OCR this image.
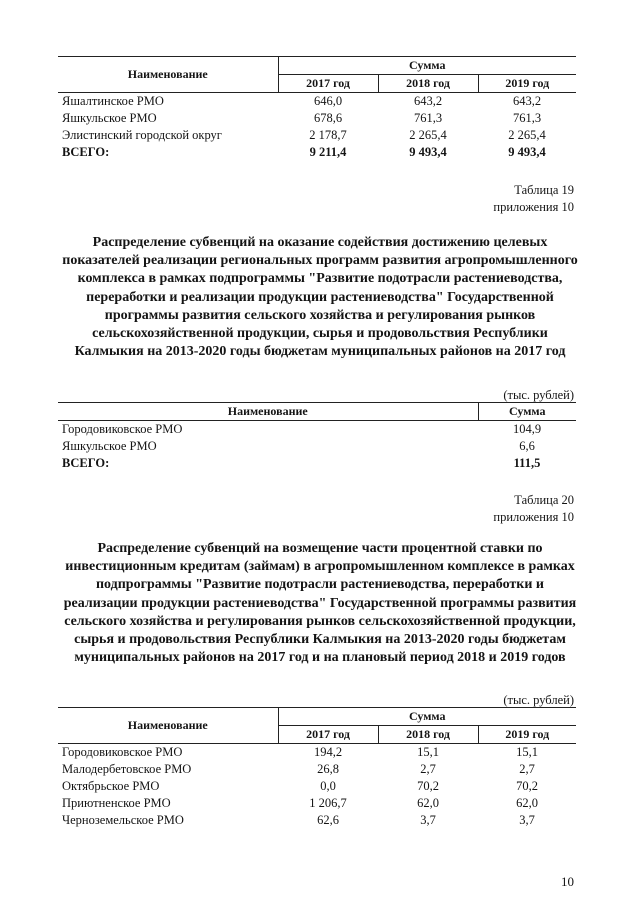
Наименование	Сумма		
	2017 год	2018 год	2019 год
Яшалтинское РМО	646,0	643,2	643,2
Яшкульское РМО	678,6	761,3	761,3
Элистинский городской округ	2 178,7	2 265,4	2 265,4
ВСЕГО:	9 211,4	9 493,4	9 493,4
Таблица 19
приложения 10
Распределение субвенций на оказание содействия достижению целевых показателей реализации региональных программ развития агропромышленного комплекса в рамках подпрограммы "Развитие подотрасли растениеводства, переработки и реализации продукции растениеводства" Государственной программы развития сельского хозяйства и регулирования рынков сельскохозяйственной продукции, сырья и продовольствия Республики Калмыкия на 2013-2020 годы бюджетам муниципальных районов на 2017 год
(тыс. рублей)
Наименование	Сумма
Городовиковское РМО	104,9
Яшкульское РМО	6,6
ВСЕГО:	111,5
Таблица 20
приложения 10
Распределение субвенций на возмещение части процентной ставки по инвестиционным кредитам (займам) в агропромышленном комплексе в рамках подпрограммы "Развитие подотрасли растениеводства, переработки и реализации продукции растениеводства" Государственной программы развития сельского хозяйства и регулирования рынков сельскохозяйственной продукции, сырья и продовольствия Республики Калмыкия на 2013-2020 годы бюджетам муниципальных районов на 2017 год и на плановый период 2018 и 2019 годов
(тыс. рублей)
Наименование	Сумма		
	2017 год	2018 год	2019 год
Городовиковское РМО	194,2	15,1	15,1
Малодербетовское РМО	26,8	2,7	2,7
Октябрьское РМО	0,0	70,2	70,2
Приютненское РМО	1 206,7	62,0	62,0
Черноземельское РМО	62,6	3,7	3,7
10
